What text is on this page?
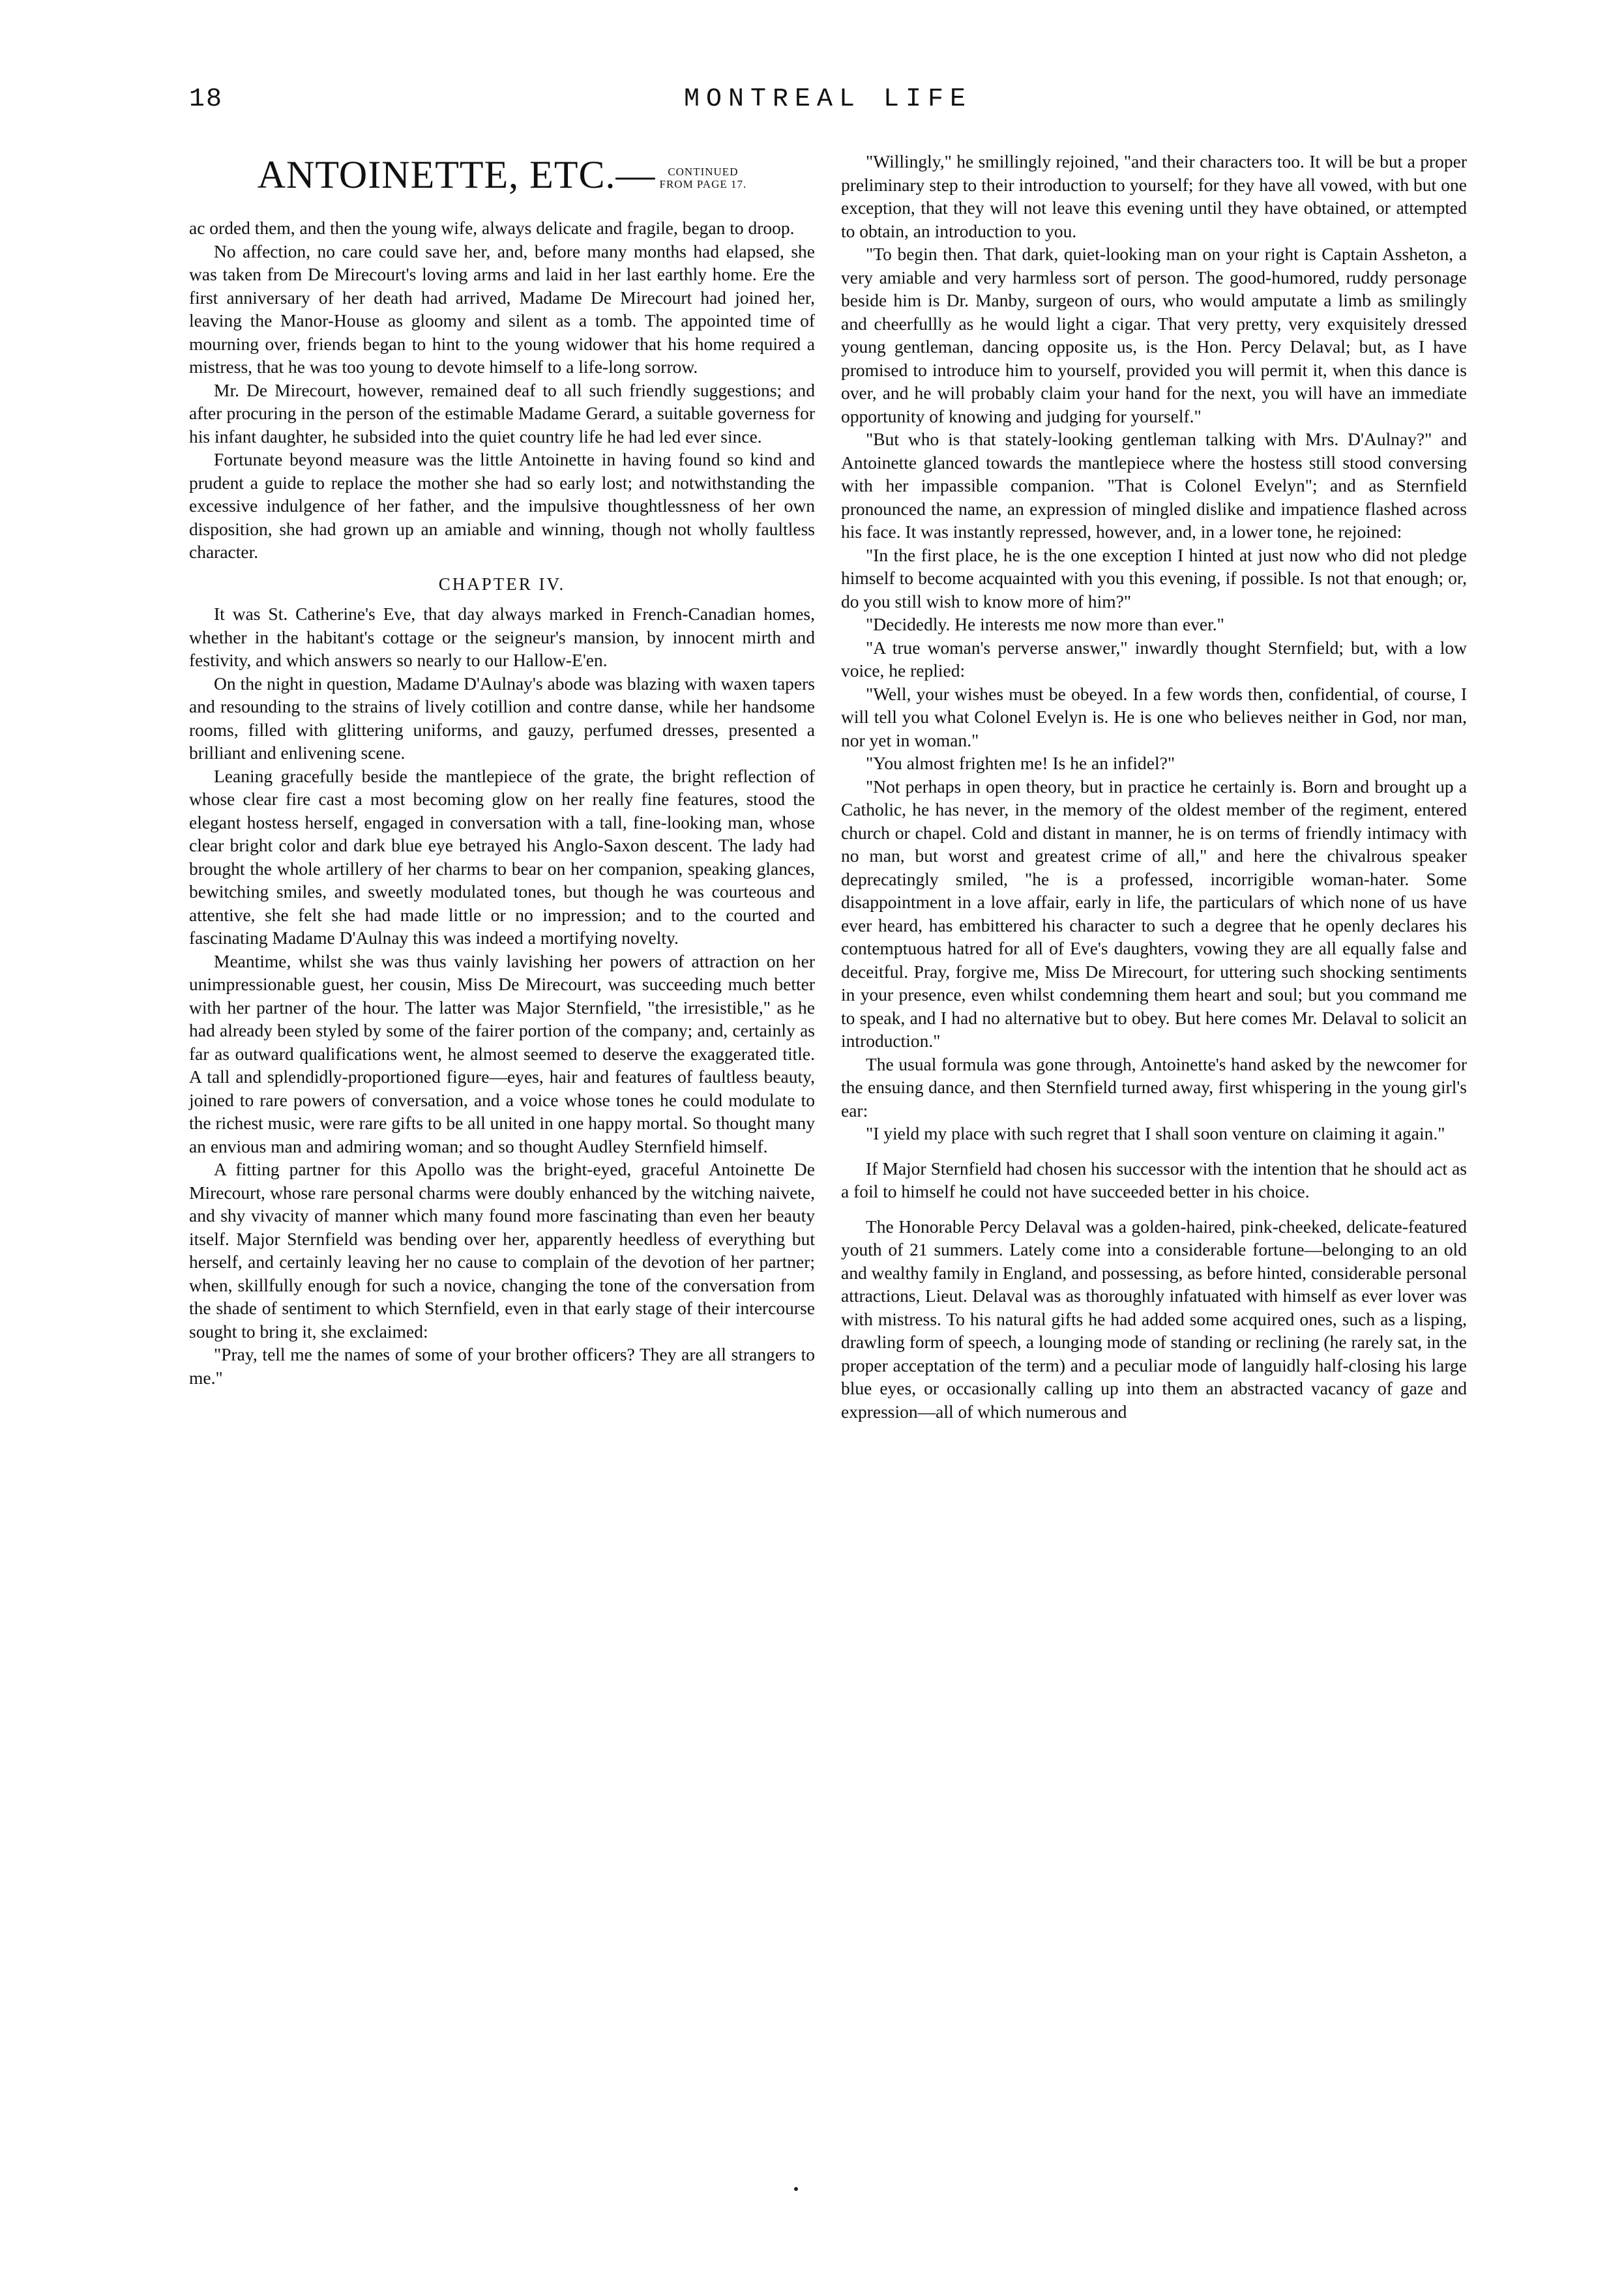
18	MONTREAL LIFE
ANTOINETTE, ETC.—	CONTINUED
FROM PAGE 17.

ac orded them, and then the young wife, always delicate and fragile, began to droop.

No affection, no care could save her, and, before many months had elapsed, she was taken from De Mirecourt's loving arms and laid in her last earthly home. Ere the first anniversary of her death had arrived, Madame De Mirecourt had joined her, leaving the Manor-House as gloomy and silent as a tomb. The appointed time of mourning over, friends began to hint to the young widower that his home required a mistress, that he was too young to devote himself to a life-long sorrow.

Mr. De Mirecourt, however, remained deaf to all such friendly suggestions; and after procuring in the person of the estimable Madame Gerard, a suitable governess for his infant daughter, he subsided into the quiet country life he had led ever since.

Fortunate beyond measure was the little Antoinette in having found so kind and prudent a guide to replace the mother she had so early lost; and notwithstanding the excessive indulgence of her father, and the impulsive thoughtlessness of her own disposition, she had grown up an amiable and winning, though not wholly faultless character.

CHAPTER IV.

It was St. Catherine's Eve, that day always marked in French-Canadian homes, whether in the habitant's cottage or the seigneur's mansion, by innocent mirth and festivity, and which answers so nearly to our Hallow-E'en.

On the night in question, Madame D'Aulnay's abode was blazing with waxen tapers and resounding to the strains of lively cotillion and contre danse, while her handsome rooms, filled with glittering uniforms, and gauzy, perfumed dresses, presented a brilliant and enlivening scene.

Leaning gracefully beside the mantlepiece of the grate, the bright reflection of whose clear fire cast a most becoming glow on her really fine features, stood the elegant hostess herself, engaged in conversation with a tall, fine-looking man, whose clear bright color and dark blue eye betrayed his Anglo-Saxon descent. The lady had brought the whole artillery of her charms to bear on her companion, speaking glances, bewitching smiles, and sweetly modulated tones, but though he was courteous and attentive, she felt she had made little or no impression; and to the courted and fascinating Madame D'Aulnay this was indeed a mortifying novelty.

Meantime, whilst she was thus vainly lavishing her powers of attraction on her unimpressionable guest, her cousin, Miss De Mirecourt, was succeeding much better with her partner of the hour. The latter was Major Sternfield, "the irresistible," as he had already been styled by some of the fairer portion of the company; and, certainly as far as outward qualifications went, he almost seemed to deserve the exaggerated title. A tall and splendidly-proportioned figure—eyes, hair and features of faultless beauty, joined to rare powers of conversation, and a voice whose tones he could modulate to the richest music, were rare gifts to be all united in one happy mortal. So thought many an envious man and admiring woman; and so thought Audley Sternfield himself.

A fitting partner for this Apollo was the bright-eyed, graceful Antoinette De Mirecourt, whose rare personal charms were doubly enhanced by the witching naivete, and shy vivacity of manner which many found more fascinating than even her beauty itself. Major Sternfield was bending over her, apparently heedless of everything but herself, and certainly leaving her no cause to complain of the devotion of her partner; when, skillfully enough for such a novice, changing the tone of the conversation from the shade of sentiment to which Sternfield, even in that early stage of their intercourse sought to bring it, she exclaimed:

"Pray, tell me the names of some of your brother officers? They are all strangers to me."

"Willingly," he smillingly rejoined, "and their characters too. It will be but a proper preliminary step to their introduction to yourself; for they have all vowed, with but one exception, that they will not leave this evening until they have obtained, or attempted to obtain, an introduction to you.

"To begin then. That dark, quiet-looking man on your right is Captain Assheton, a very amiable and very harmless sort of person. The good-humored, ruddy personage beside him is Dr. Manby, surgeon of ours, who would amputate a limb as smilingly and cheerfullly as he would light a cigar. That very pretty, very exquisitely dressed young gentleman, dancing opposite us, is the Hon. Percy Delaval; but, as I have promised to introduce him to yourself, provided you will permit it, when this dance is over, and he will probably claim your hand for the next, you will have an immediate opportunity of knowing and judging for yourself."

"But who is that stately-looking gentleman talking with Mrs. D'Aulnay?" and Antoinette glanced towards the mantlepiece where the hostess still stood conversing with her impassible companion. "That is Colonel Evelyn"; and as Sternfield pronounced the name, an expression of mingled dislike and impatience flashed across his face. It was instantly repressed, however, and, in a lower tone, he rejoined:

"In the first place, he is the one exception I hinted at just now who did not pledge himself to become acquainted with you this evening, if possible. Is not that enough; or, do you still wish to know more of him?"

"Decidedly. He interests me now more than ever."

"A true woman's perverse answer," inwardly thought Sternfield; but, with a low voice, he replied:

"Well, your wishes must be obeyed. In a few words then, confidential, of course, I will tell you what Colonel Evelyn is. He is one who believes neither in God, nor man, nor yet in woman."

"You almost frighten me! Is he an infidel?"

"Not perhaps in open theory, but in practice he certainly is. Born and brought up a Catholic, he has never, in the memory of the oldest member of the regiment, entered church or chapel. Cold and distant in manner, he is on terms of friendly intimacy with no man, but worst and greatest crime of all," and here the chivalrous speaker deprecatingly smiled, "he is a professed, incorrigible woman-hater. Some disappointment in a love affair, early in life, the particulars of which none of us have ever heard, has embittered his character to such a degree that he openly declares his contemptuous hatred for all of Eve's daughters, vowing they are all equally false and deceitful. Pray, forgive me, Miss De Mirecourt, for uttering such shocking sentiments in your presence, even whilst condemning them heart and soul; but you command me to speak, and I had no alternative but to obey. But here comes Mr. Delaval to solicit an introduction."

The usual formula was gone through, Antoinette's hand asked by the newcomer for the ensuing dance, and then Sternfield turned away, first whispering in the young girl's ear:

"I yield my place with such regret that I shall soon venture on claiming it again."

If Major Sternfield had chosen his successor with the intention that he should act as a foil to himself he could not have succeeded better in his choice.

The Honorable Percy Delaval was a golden-haired, pink-cheeked, delicate-featured youth of 21 summers. Lately come into a considerable fortune—belonging to an old and wealthy family in England, and possessing, as before hinted, considerable personal attractions, Lieut. Delaval was as thoroughly infatuated with himself as ever lover was with mistress. To his natural gifts he had added some acquired ones, such as a lisping, drawling form of speech, a lounging mode of standing or reclining (he rarely sat, in the proper acceptation of the term) and a peculiar mode of languidly half-closing his large blue eyes, or occasionally calling up into them an abstracted vacancy of gaze and expression—all of which numerous and
